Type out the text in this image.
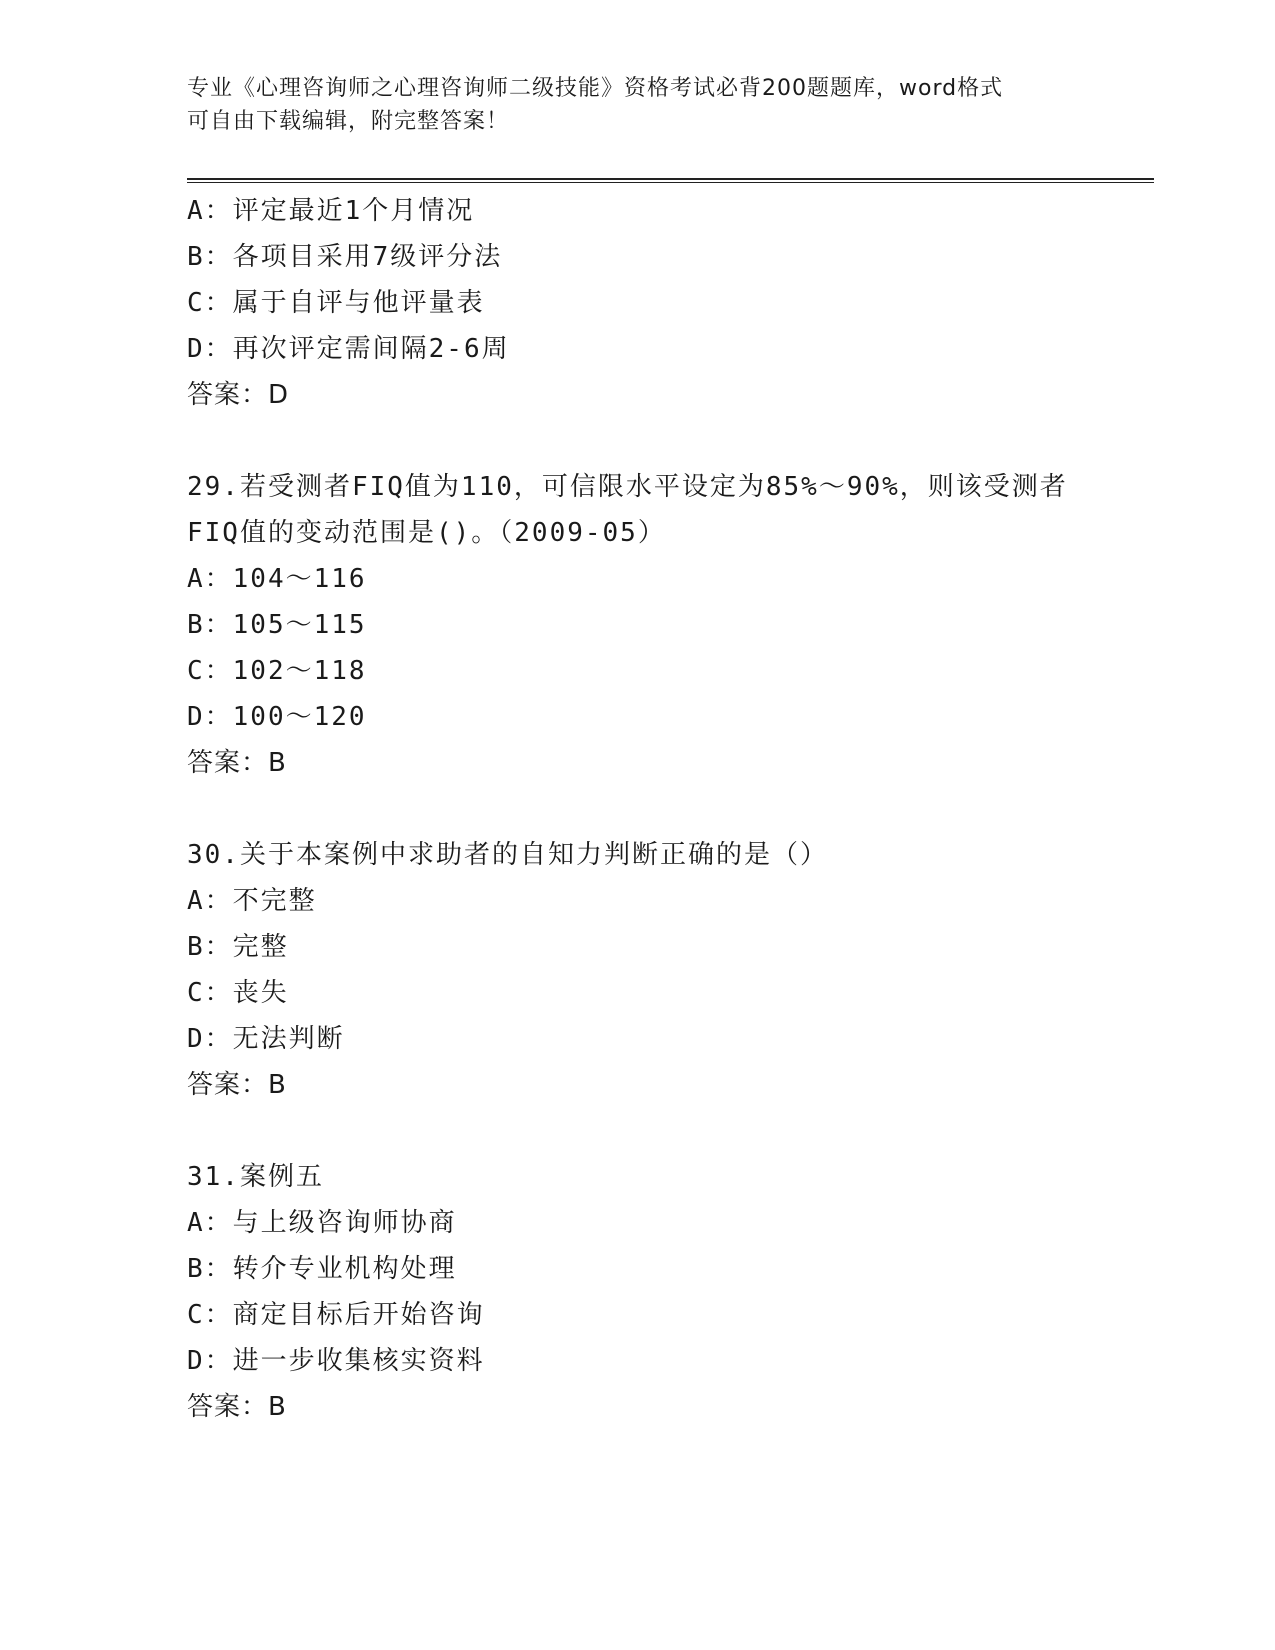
专业《心理咨询师之心理咨询师二级技能》资格考试必背200题题库，word格式
可自由下载编辑，附完整答案！
A：评定最近1个月情况
B：各项目采用7级评分法
C：属于自评与他评量表
D：再次评定需间隔2-6周
答案：D
29.若受测者FIQ值为110，可信限水平设定为85%～90%，则该受测者
FIQ值的变动范围是()。（2009-05）
A：104～116
B：105～115
C：102～118
D：100～120
答案：B
30.关于本案例中求助者的自知力判断正确的是（）
A：不完整
B：完整
C：丧失
D：无法判断
答案：B
31.案例五
A：与上级咨询师协商
B：转介专业机构处理
C：商定目标后开始咨询
D：进一步收集核实资料
答案：B
